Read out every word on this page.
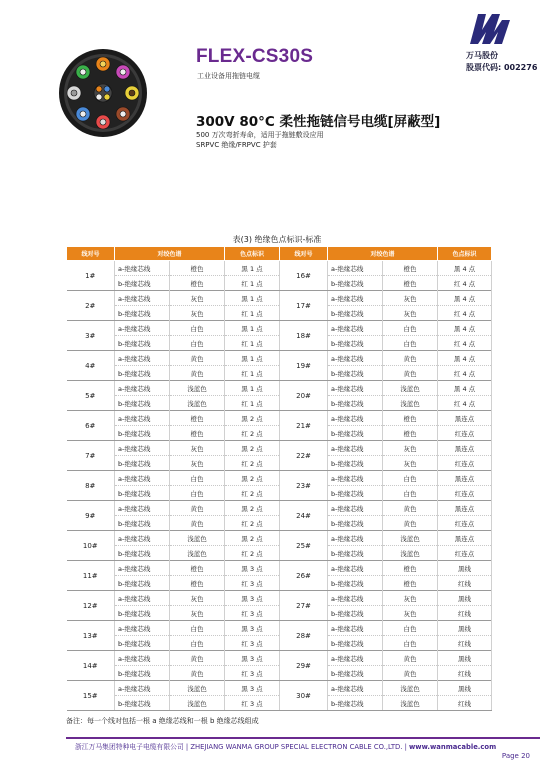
FLEX-CS30S
工业设备用拖链电缆
万马股份
股票代码: 002276
300V 80°C 柔性拖链信号电缆[屏蔽型]
500 万次弯折寿命，适用于拖链敷设应用
SRPVC 绝缘/FRPVC 护套
表(3) 绝缘色点标识-标准
线对号	对绞色谱		色点标识	线对号	对绞色谱		色点标识
1#	a-绝缘芯线	橙色	黑 1 点	16#	a-绝缘芯线	橙色	黑 4 点
	b-绝缘芯线	橙色	红 1 点		b-绝缘芯线	橙色	红 4 点
2#	a-绝缘芯线	灰色	黑 1 点	17#	a-绝缘芯线	灰色	黑 4 点
	b-绝缘芯线	灰色	红 1 点		b-绝缘芯线	灰色	红 4 点
3#	a-绝缘芯线	白色	黑 1 点	18#	a-绝缘芯线	白色	黑 4 点
	b-绝缘芯线	白色	红 1 点		b-绝缘芯线	白色	红 4 点
4#	a-绝缘芯线	黄色	黑 1 点	19#	a-绝缘芯线	黄色	黑 4 点
	b-绝缘芯线	黄色	红 1 点		b-绝缘芯线	黄色	红 4 点
5#	a-绝缘芯线	浅蓝色	黑 1 点	20#	a-绝缘芯线	浅蓝色	黑 4 点
	b-绝缘芯线	浅蓝色	红 1 点		b-绝缘芯线	浅蓝色	红 4 点
6#	a-绝缘芯线	橙色	黑 2 点	21#	a-绝缘芯线	橙色	黑连点
	b-绝缘芯线	橙色	红 2 点		b-绝缘芯线	橙色	红连点
7#	a-绝缘芯线	灰色	黑 2 点	22#	a-绝缘芯线	灰色	黑连点
	b-绝缘芯线	灰色	红 2 点		b-绝缘芯线	灰色	红连点
8#	a-绝缘芯线	白色	黑 2 点	23#	a-绝缘芯线	白色	黑连点
	b-绝缘芯线	白色	红 2 点		b-绝缘芯线	白色	红连点
9#	a-绝缘芯线	黄色	黑 2 点	24#	a-绝缘芯线	黄色	黑连点
	b-绝缘芯线	黄色	红 2 点		b-绝缘芯线	黄色	红连点
10#	a-绝缘芯线	浅蓝色	黑 2 点	25#	a-绝缘芯线	浅蓝色	黑连点
	b-绝缘芯线	浅蓝色	红 2 点		b-绝缘芯线	浅蓝色	红连点
11#	a-绝缘芯线	橙色	黑 3 点	26#	a-绝缘芯线	橙色	黑线
	b-绝缘芯线	橙色	红 3 点		b-绝缘芯线	橙色	红线
12#	a-绝缘芯线	灰色	黑 3 点	27#	a-绝缘芯线	灰色	黑线
	b-绝缘芯线	灰色	红 3 点		b-绝缘芯线	灰色	红线
13#	a-绝缘芯线	白色	黑 3 点	28#	a-绝缘芯线	白色	黑线
	b-绝缘芯线	白色	红 3 点		b-绝缘芯线	白色	红线
14#	a-绝缘芯线	黄色	黑 3 点	29#	a-绝缘芯线	黄色	黑线
	b-绝缘芯线	黄色	红 3 点		b-绝缘芯线	黄色	红线
15#	a-绝缘芯线	浅蓝色	黑 3 点	30#	a-绝缘芯线	浅蓝色	黑线
	b-绝缘芯线	浅蓝色	红 3 点		b-绝缘芯线	浅蓝色	红线
备注：每一个线对包括一根 a 绝缘芯线和一根 b 绝缘芯线组成
浙江万马集团特种电子电缆有限公司 | ZHEJIANG WANMA GROUP SPECIAL ELECTRON CABLE CO.,LTD. | www.wanmacable.com
Page 20
